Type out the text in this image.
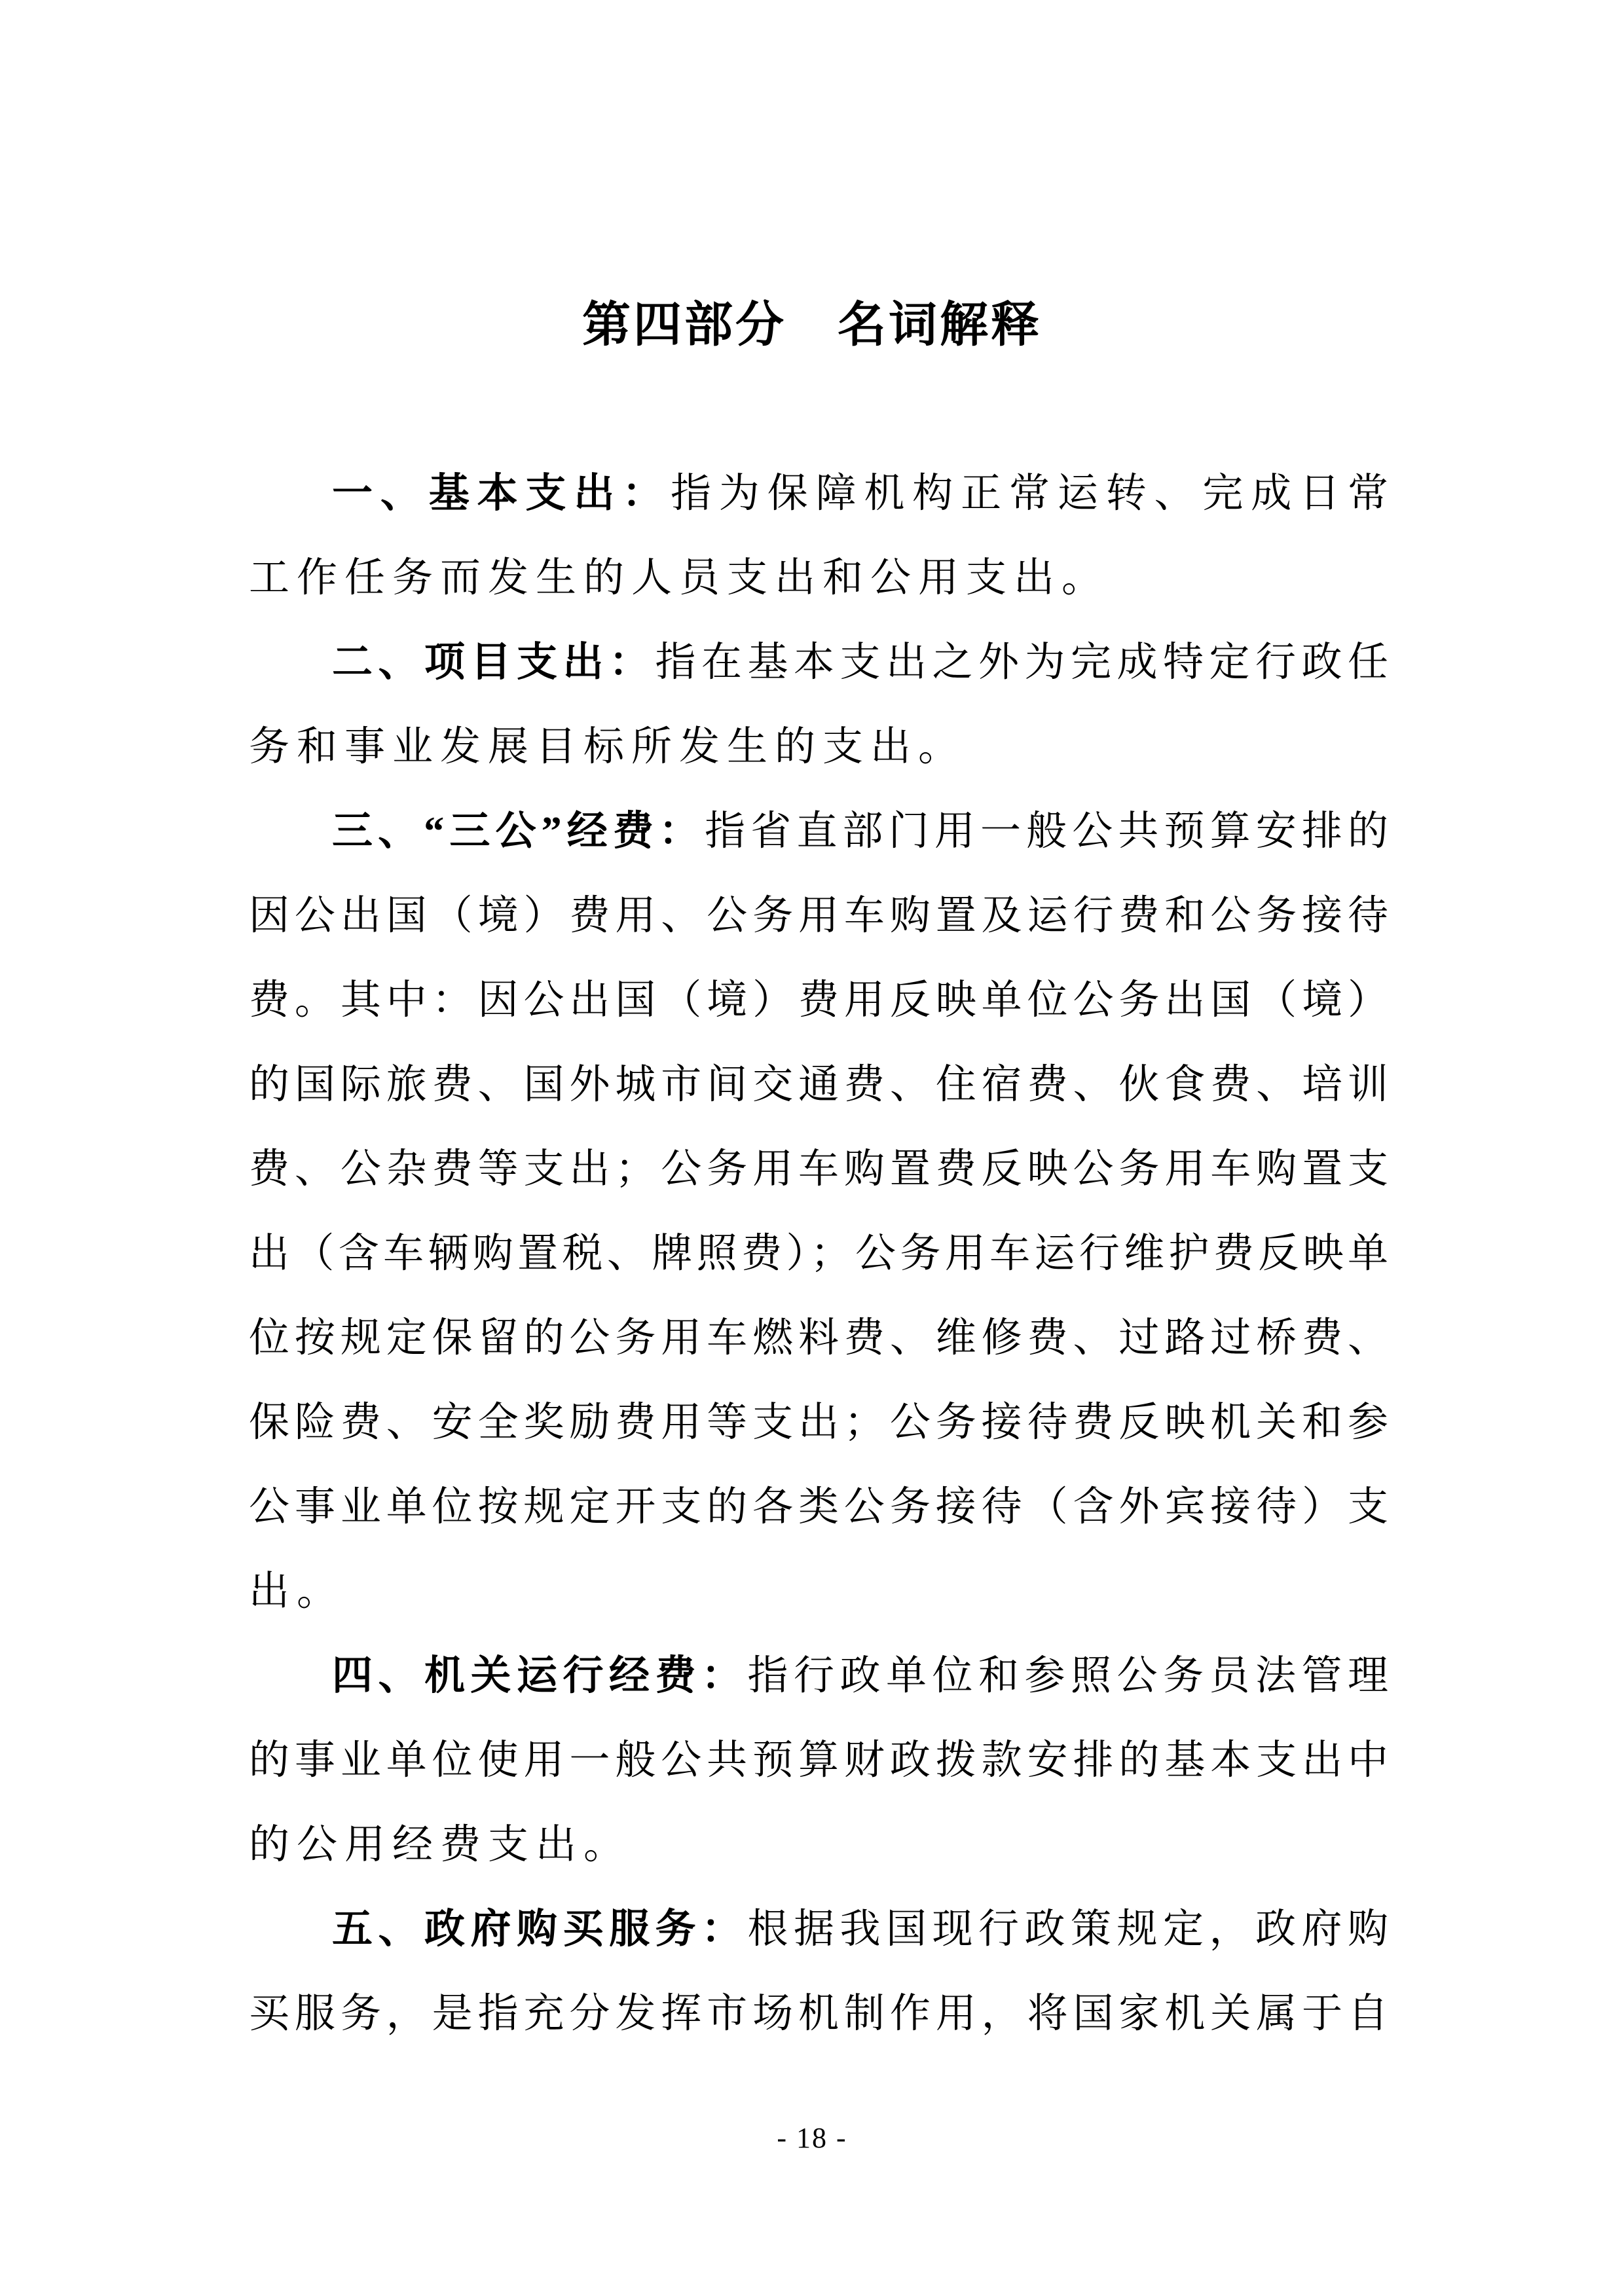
第四部分　名词解释
一、基本支出：指为保障机构正常运转、完成日常
工作任务而发生的人员支出和公用支出。
二、项目支出：指在基本支出之外为完成特定行政任
务和事业发展目标所发生的支出。
三、“三公”经费：指省直部门用一般公共预算安排的
因公出国（境）费用、公务用车购置及运行费和公务接待
费。其中：因公出国（境）费用反映单位公务出国（境）
的国际旅费、国外城市间交通费、住宿费、伙食费、培训
费、公杂费等支出；公务用车购置费反映公务用车购置支
出（含车辆购置税、牌照费）；公务用车运行维护费反映单
位按规定保留的公务用车燃料费、维修费、过路过桥费、
保险费、安全奖励费用等支出；公务接待费反映机关和参
公事业单位按规定开支的各类公务接待（含外宾接待）支
出。
四、机关运行经费：指行政单位和参照公务员法管理
的事业单位使用一般公共预算财政拨款安排的基本支出中
的公用经费支出。
五、政府购买服务：根据我国现行政策规定，政府购
买服务，是指充分发挥市场机制作用，将国家机关属于自
- 18 -
